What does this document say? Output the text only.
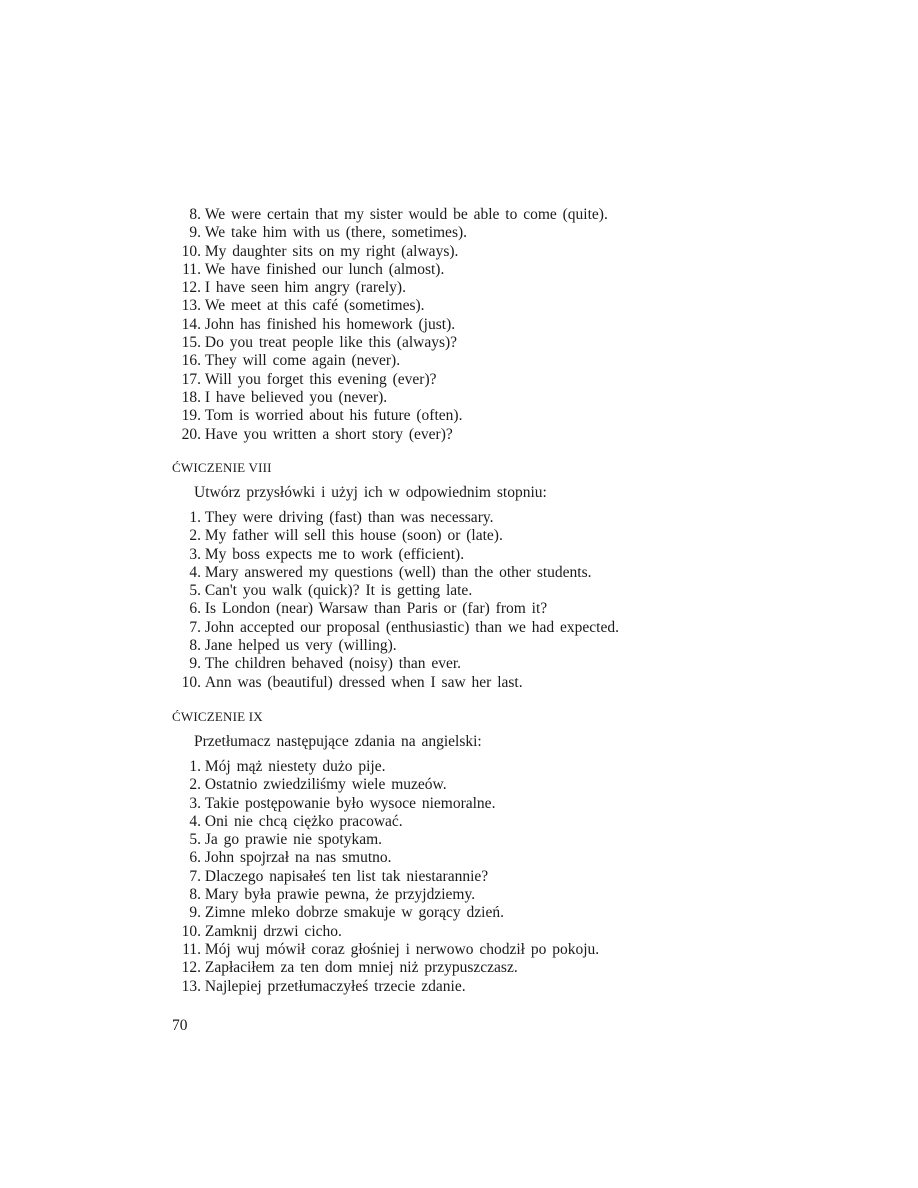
8.
We were certain that my sister would be able to come (quite).
9.
We take him with us (there, sometimes).
10.
My daughter sits on my right (always).
11.
We have finished our lunch (almost).
12.
I have seen him angry (rarely).
13.
We meet at this café (sometimes).
14.
John has finished his homework (just).
15.
Do you treat people like this (always)?
16.
They will come again (never).
17.
Will you forget this evening (ever)?
18.
I have believed you (never).
19.
Tom is worried about his future (often).
20.
Have you written a short story (ever)?
ĆWICZENIE VIII
Utwórz przysłówki i użyj ich w odpowiednim stopniu:
1.
They were driving (fast) than was necessary.
2.
My father will sell this house (soon) or (late).
3.
My boss expects me to work (efficient).
4.
Mary answered my questions (well) than the other students.
5.
Can't you walk (quick)? It is getting late.
6.
Is London (near) Warsaw than Paris or (far) from it?
7.
John accepted our proposal (enthusiastic) than we had expected.
8.
Jane helped us very (willing).
9.
The children behaved (noisy) than ever.
10.
Ann was (beautiful) dressed when I saw her last.
ĆWICZENIE IX
Przetłumacz następujące zdania na angielski:
1.
Mój mąż niestety dużo pije.
2.
Ostatnio zwiedziliśmy wiele muzeów.
3.
Takie postępowanie było wysoce niemoralne.
4.
Oni nie chcą ciężko pracować.
5.
Ja go prawie nie spotykam.
6.
John spojrzał na nas smutno.
7.
Dlaczego napisałeś ten list tak niestarannie?
8.
Mary była prawie pewna, że przyjdziemy.
9.
Zimne mleko dobrze smakuje w gorący dzień.
10.
Zamknij drzwi cicho.
11.
Mój wuj mówił coraz głośniej i nerwowo chodził po pokoju.
12.
Zapłaciłem za ten dom mniej niż przypuszczasz.
13.
Najlepiej przetłumaczyłeś trzecie zdanie.
70
